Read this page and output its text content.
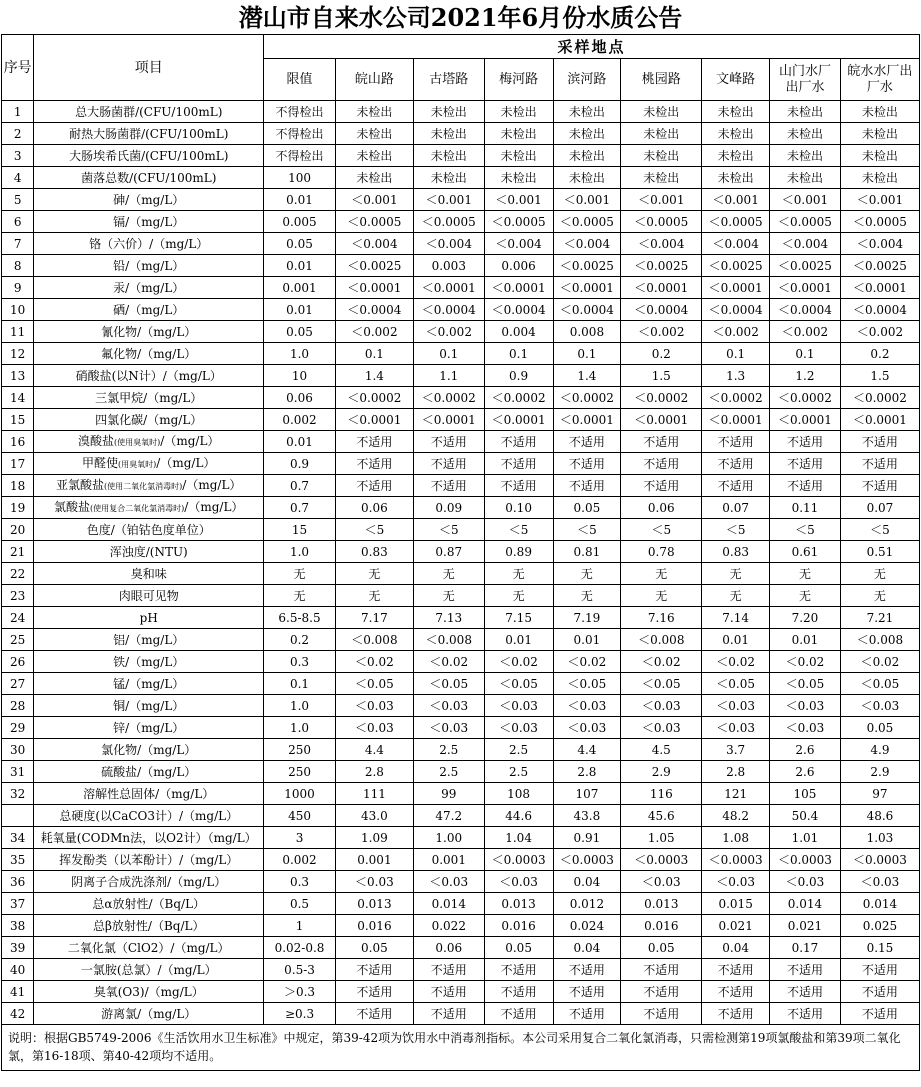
潜山市自来水公司2021年6月份水质公告
序号	项目	采样地点								
		限值	皖山路	古塔路	梅河路	滨河路	桃园路	文峰路	山门水厂出厂水	皖水水厂出厂水
1	总大肠菌群/(CFU/100mL)	不得检出	未检出	未检出	未检出	未检出	未检出	未检出	未检出	未检出
2	耐热大肠菌群/(CFU/100mL)	不得检出	未检出	未检出	未检出	未检出	未检出	未检出	未检出	未检出
3	大肠埃希氏菌/(CFU/100mL)	不得检出	未检出	未检出	未检出	未检出	未检出	未检出	未检出	未检出
4	菌落总数/(CFU/100mL)	100	未检出	未检出	未检出	未检出	未检出	未检出	未检出	未检出
5	砷/（mg/L）	0.01	＜0.001	＜0.001	＜0.001	＜0.001	＜0.001	＜0.001	＜0.001	＜0.001
6	镉/（mg/L）	0.005	＜0.0005	＜0.0005	＜0.0005	＜0.0005	＜0.0005	＜0.0005	＜0.0005	＜0.0005
7	铬（六价）/（mg/L）	0.05	＜0.004	＜0.004	＜0.004	＜0.004	＜0.004	＜0.004	＜0.004	＜0.004
8	铅/（mg/L）	0.01	＜0.0025	0.003	0.006	＜0.0025	＜0.0025	＜0.0025	＜0.0025	＜0.0025
9	汞/（mg/L）	0.001	＜0.0001	＜0.0001	＜0.0001	＜0.0001	＜0.0001	＜0.0001	＜0.0001	＜0.0001
10	硒/（mg/L）	0.01	＜0.0004	＜0.0004	＜0.0004	＜0.0004	＜0.0004	＜0.0004	＜0.0004	＜0.0004
11	氰化物/（mg/L）	0.05	＜0.002	＜0.002	0.004	0.008	＜0.002	＜0.002	＜0.002	＜0.002
12	氟化物/（mg/L）	1.0	0.1	0.1	0.1	0.1	0.2	0.1	0.1	0.2
13	硝酸盐(以N计）/（mg/L）	10	1.4	1.1	0.9	1.4	1.5	1.3	1.2	1.5
14	三氯甲烷/（mg/L）	0.06	＜0.0002	＜0.0002	＜0.0002	＜0.0002	＜0.0002	＜0.0002	＜0.0002	＜0.0002
15	四氯化碳/（mg/L）	0.002	＜0.0001	＜0.0001	＜0.0001	＜0.0001	＜0.0001	＜0.0001	＜0.0001	＜0.0001
16	溴酸盐(使用臭氧时)/（mg/L）	0.01	不适用	不适用	不适用	不适用	不适用	不适用	不适用	不适用
17	甲醛使(用臭氧时)/（mg/L）	0.9	不适用	不适用	不适用	不适用	不适用	不适用	不适用	不适用
18	亚氯酸盐(使用二氧化氯消毒时)/（mg/L）	0.7	不适用	不适用	不适用	不适用	不适用	不适用	不适用	不适用
19	氯酸盐(使用复合二氧化氯消毒时)/（mg/L）	0.7	0.06	0.09	0.10	0.05	0.06	0.07	0.11	0.07
20	色度/（铂钴色度单位）	15	＜5	＜5	＜5	＜5	＜5	＜5	＜5	＜5
21	浑浊度/(NTU)	1.0	0.83	0.87	0.89	0.81	0.78	0.83	0.61	0.51
22	臭和味	无	无	无	无	无	无	无	无	无
23	肉眼可见物	无	无	无	无	无	无	无	无	无
24	pH	6.5-8.5	7.17	7.13	7.15	7.19	7.16	7.14	7.20	7.21
25	铝/（mg/L）	0.2	＜0.008	＜0.008	0.01	0.01	＜0.008	0.01	0.01	＜0.008
26	铁/（mg/L）	0.3	＜0.02	＜0.02	＜0.02	＜0.02	＜0.02	＜0.02	＜0.02	＜0.02
27	锰/（mg/L）	0.1	＜0.05	＜0.05	＜0.05	＜0.05	＜0.05	＜0.05	＜0.05	＜0.05
28	铜/（mg/L）	1.0	＜0.03	＜0.03	＜0.03	＜0.03	＜0.03	＜0.03	＜0.03	＜0.03
29	锌/（mg/L）	1.0	＜0.03	＜0.03	＜0.03	＜0.03	＜0.03	＜0.03	＜0.03	0.05
30	氯化物/（mg/L）	250	4.4	2.5	2.5	4.4	4.5	3.7	2.6	4.9
31	硫酸盐/（mg/L）	250	2.8	2.5	2.5	2.8	2.9	2.8	2.6	2.9
32	溶解性总固体/（mg/L）	1000	111	99	108	107	116	121	105	97
	总硬度(以CaCO3计）/（mg/L）	450	43.0	47.2	44.6	43.8	45.6	48.2	50.4	48.6
34	耗氧量(CODMn法，以O2计）（mg/L）	3	1.09	1.00	1.04	0.91	1.05	1.08	1.01	1.03
35	挥发酚类（以苯酚计）/（mg/L）	0.002	0.001	0.001	＜0.0003	＜0.0003	＜0.0003	＜0.0003	＜0.0003	＜0.0003
36	阴离子合成洗涤剂/（mg/L）	0.3	＜0.03	＜0.03	＜0.03	0.04	＜0.03	＜0.03	＜0.03	＜0.03
37	总α放射性/（Bq/L）	0.5	0.013	0.014	0.013	0.012	0.013	0.015	0.014	0.014
38	总β放射性/（Bq/L）	1	0.016	0.022	0.016	0.024	0.016	0.021	0.021	0.025
39	二氧化氯（ClO2）/（mg/L）	0.02-0.8	0.05	0.06	0.05	0.04	0.05	0.04	0.17	0.15
40	一氯胺(总氯）/（mg/L）	0.5-3	不适用	不适用	不适用	不适用	不适用	不适用	不适用	不适用
41	臭氧(O3)/（mg/L）	＞0.3	不适用	不适用	不适用	不适用	不适用	不适用	不适用	不适用
42	游离氯/（mg/L）	≥0.3	不适用	不适用	不适用	不适用	不适用	不适用	不适用	不适用
说明：根据GB5749-2006《生活饮用水卫生标准》中规定，第39-42项为饮用水中消毒剂指标。本公司采用复合二氧化氯消毒，只需检测第19项氯酸盐和第39项二氧化氯，第16-18项、第40-42项均不适用。										
